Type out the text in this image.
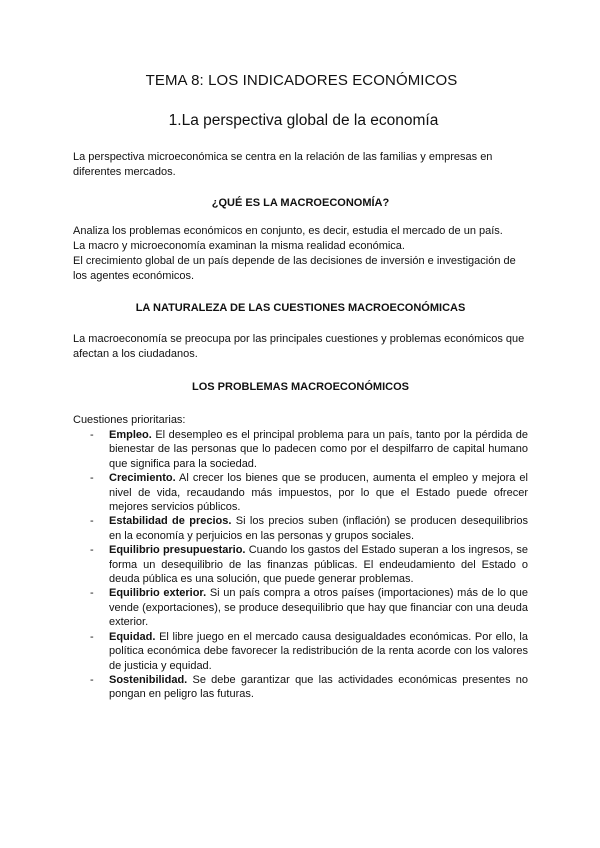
TEMA 8: LOS INDICADORES ECONÓMICOS
1.La perspectiva global de la economía

La perspectiva microeconómica se centra en la relación de las familias y empresas en diferentes mercados.

¿QUÉ ES LA MACROECONOMÍA?

Analiza los problemas económicos en conjunto, es decir, estudia el mercado de un país.

La macro y microeconomía examinan la misma realidad económica.

El crecimiento global de un país depende de las decisiones de inversión e investigación de los agentes económicos.

LA NATURALEZA DE LAS CUESTIONES MACROECONÓMICAS

La macroeconomía se preocupa por las principales cuestiones y problemas económicos que afectan a los ciudadanos.

LOS PROBLEMAS MACROECONÓMICOS

Cuestiones prioritarias:

- Empleo. El desempleo es el principal problema para un país, tanto por la pérdida de bienestar de las personas que lo padecen como por el despilfarro de capital humano que significa para la sociedad.
- Crecimiento. Al crecer los bienes que se producen, aumenta el empleo y mejora el nivel de vida, recaudando más impuestos, por lo que el Estado puede ofrecer mejores servicios públicos.
- Estabilidad de precios. Si los precios suben (inflación) se producen desequilibrios en la economía y perjuicios en las personas y grupos sociales.
- Equilibrio presupuestario. Cuando los gastos del Estado superan a los ingresos, se forma un desequilibrio de las finanzas públicas. El endeudamiento del Estado o deuda pública es una solución, que puede generar problemas.
- Equilibrio exterior. Si un país compra a otros países (importaciones) más de lo que vende (exportaciones), se produce desequilibrio que hay que financiar con una deuda exterior.
- Equidad. El libre juego en el mercado causa desigualdades económicas. Por ello, la política económica debe favorecer la redistribución de la renta acorde con los valores de justicia y equidad.
- Sostenibilidad. Se debe garantizar que las actividades económicas presentes no pongan en peligro las futuras.
